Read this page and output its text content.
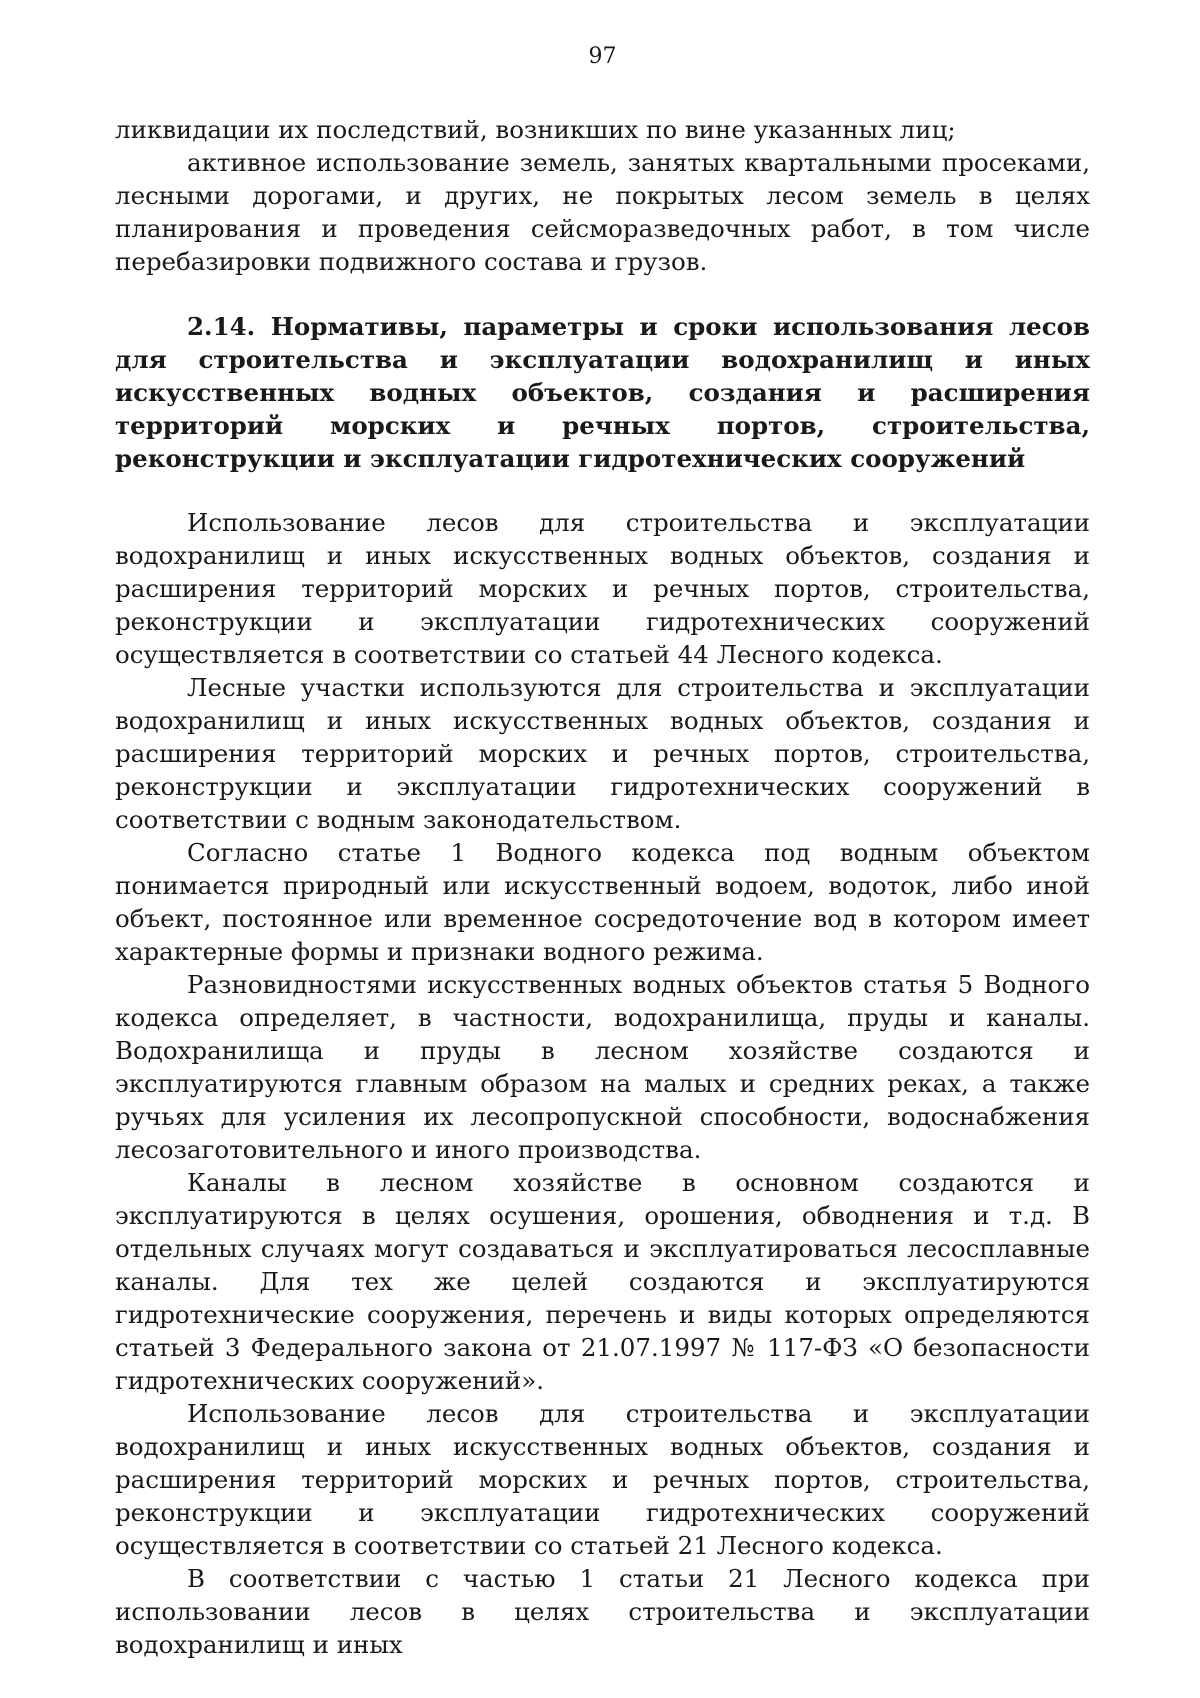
97

ликвидации их последствий, возникших по вине указанных лиц;

активное использование земель, занятых квартальными просеками, лесными дорогами, и других, не покрытых лесом земель в целях планирования и проведения сейсморазведочных работ, в том числе перебазировки подвижного состава и грузов.

2.14. Нормативы, параметры и сроки использования лесов для строительства и эксплуатации водохранилищ и иных искусственных водных объектов, создания и расширения территорий морских и речных портов, строительства, реконструкции и эксплуатации гидротехнических сооружений

Использование лесов для строительства и эксплуатации водохранилищ и иных искусственных водных объектов, создания и расширения территорий морских и речных портов, строительства, реконструкции и эксплуатации гидротехнических сооружений осуществляется в соответствии со статьей 44 Лесного кодекса.

Лесные участки используются для строительства и эксплуатации водохранилищ и иных искусственных водных объектов, создания и расширения территорий морских и речных портов, строительства, реконструкции и эксплуатации гидротехнических сооружений в соответствии с водным законодательством.

Согласно статье 1 Водного кодекса под водным объектом понимается природный или искусственный водоем, водоток, либо иной объект, постоянное или временное сосредоточение вод в котором имеет характерные формы и признаки водного режима.

Разновидностями искусственных водных объектов статья 5 Водного кодекса определяет, в частности, водохранилища, пруды и каналы. Водохранилища и пруды в лесном хозяйстве создаются и эксплуатируются главным образом на малых и средних реках, а также ручьях для усиления их лесопропускной способности, водоснабжения лесозаготовительного и иного производства.

Каналы в лесном хозяйстве в основном создаются и эксплуатируются в целях осушения, орошения, обводнения и т.д. В отдельных случаях могут создаваться и эксплуатироваться лесосплавные каналы. Для тех же целей создаются и эксплуатируются гидротехнические сооружения, перечень и виды которых определяются статьей 3 Федерального закона от 21.07.1997 № 117-ФЗ «О безопасности гидротехнических сооружений».

Использование лесов для строительства и эксплуатации водохранилищ и иных искусственных водных объектов, создания и расширения территорий морских и речных портов, строительства, реконструкции и эксплуатации гидротехнических сооружений осуществляется в соответствии со статьей 21 Лесного кодекса.

В соответствии с частью 1 статьи 21 Лесного кодекса при использовании лесов в целях строительства и эксплуатации водохранилищ и иных
